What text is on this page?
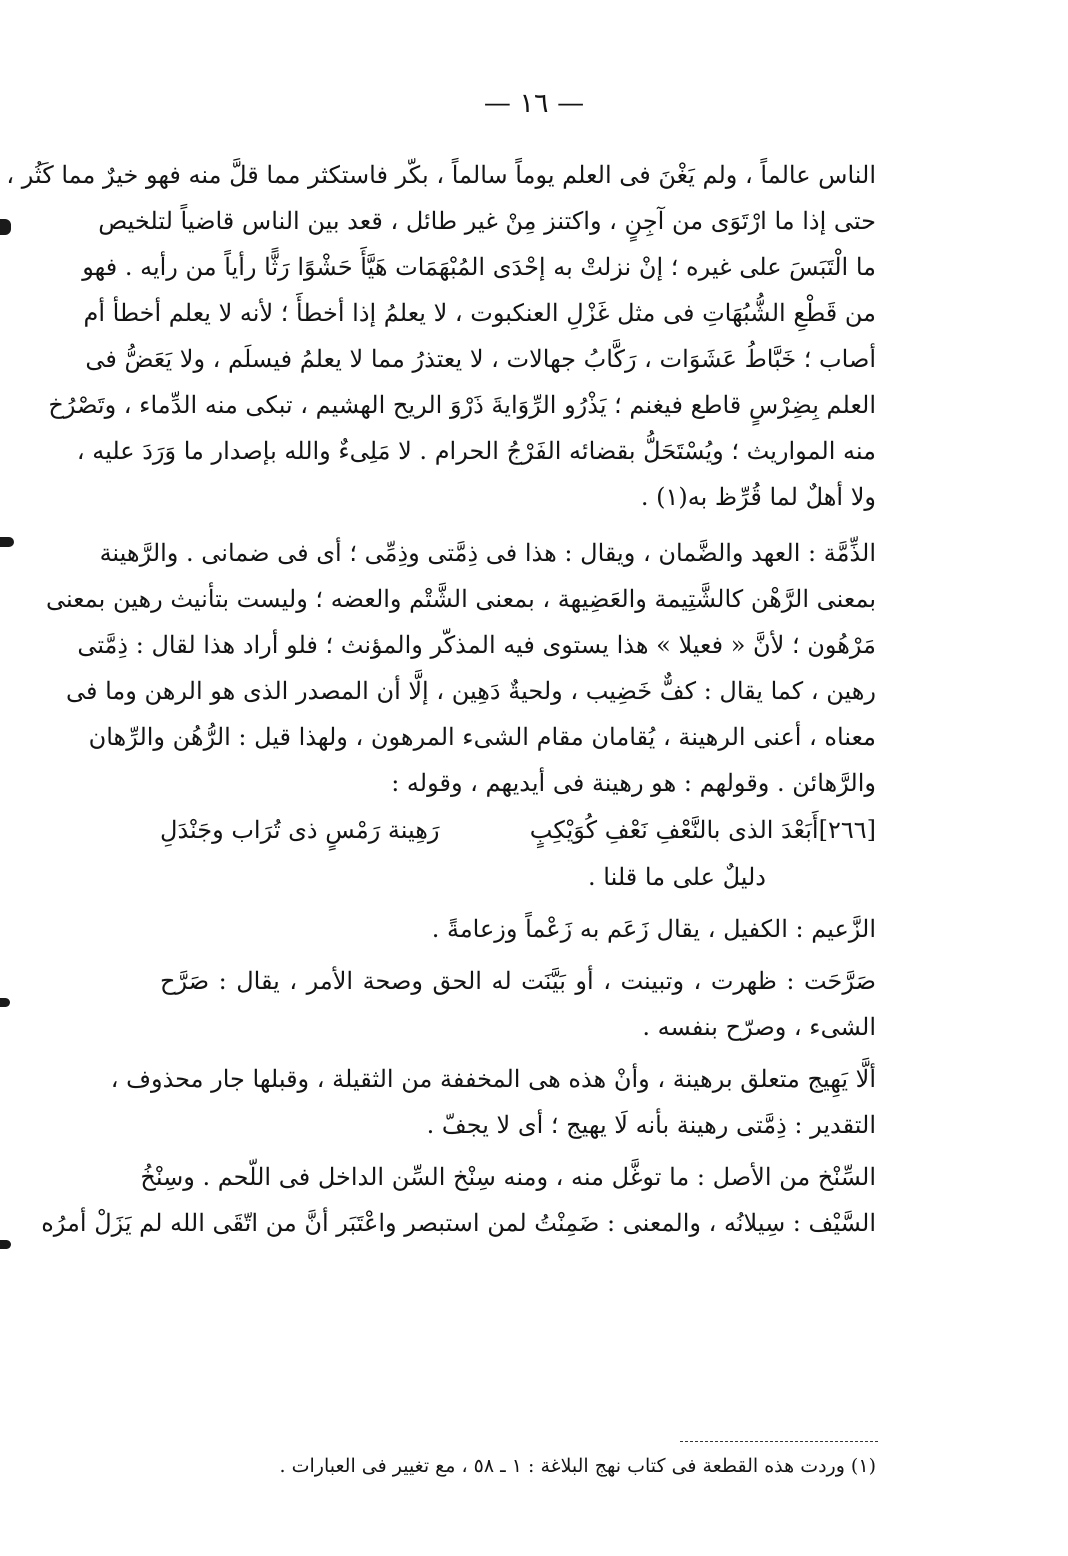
— ١٦ —
الناس عالماً ، ولم يَغْنَ فى العلم يوماً سالماً ، بكّر فاستكثر مما قلَّ منه فهو خيرٌ مما كَثُر ،
حتى إذا ما ارْتَوَى من آجِنٍ ، واكتنز مِنْ غير طائل ، قعد بين الناس قاضياً لتلخيص
ما الْتَبَسَ على غيره ؛ إنْ نزلتْ به إحْدَى المُبْهَمَات هَيَّأَ حَشْوًا رَثًّا رأياً من رأيه . فهو
من قَطْعِ الشُّبُهَاتِ فى مثل غَزْلِ العنكبوت ، لا يعلمُ إذا أخطأَ ؛ لأنه لا يعلم أخطأ أم
أصاب ؛ خَبَّاطُ عَشَوَات ، رَكَّابُ جهالات ، لا يعتذرُ مما لا يعلمُ فيسلَم ، ولا يَعَضُّ فى
العلم بِضِرْسٍ قاطع فيغنم ؛ يَذْرُو الرِّوَايةَ ذَرْوَ الريح الهشيم ، تبكى منه الدِّماء ، وتَصْرُخ
منه المواريث ؛ ويُسْتَحَلُّ بقضائه الفَرْجُ الحرام . لا مَلِىءٌ والله بإصدار ما وَرَدَ عليه ،
ولا أهلٌ لما قُرِّظ به(١) .
الذِّمَّة : العهد والضَّمان ، ويقال : هذا فى ذِمَّتى وذِمِّى ؛ أى فى ضمانى . والرَّهينة
بمعنى الرَّهْن كالشَّتِيمة والعَضِيهة ، بمعنى الشَّتْم والعضه ؛ وليست بتأنيث رهين بمعنى
مَرْهُون ؛ لأنَّ « فعيلا » هذا يستوى فيه المذكّر والمؤنث ؛ فلو أراد هذا لقال : ذِمَّتى
رهين ، كما يقال : كفٌّ خَضِيب ، ولحيةٌ دَهِين ، إلَّا أن المصدر الذى هو الرهن وما فى
معناه ، أعنى الرهينة ، يُقامان مقام الشىء المرهون ، ولهذا قيل : الرُّهُن والرِّهان
والرَّهائن . وقولهم : هو رهينة فى أيديهم ، وقوله :
[٢٦٦]أَبَعْدَ الذى بالنَّعْفِ نَعْفِ كُوَيْكِبٍ
رَهِينة رَمْسٍ ذى تُرَاب وجَنْدَلِ
دليلٌ على ما قلنا .
الزَّعيم : الكفيل ، يقال زَعَم به زَعْماً وزعامةً .
صَرَّحَت : ظهرت ، وتبينت ، أو بَيَّنَت له الحق وصحة الأمر ، يقال : صَرَّح
الشىء ، وصرّح بنفسه .
ألَّا يَهِيج متعلق برهينة ، وأنْ هذه هى المخففة من الثقيلة ، وقبلها جار محذوف ،
التقدير : ذِمَّتى رهينة بأنه لَا يهيج ؛ أى لا يجفّ .
السِّنْخ من الأصل : ما توغَّل منه ، ومنه سِنْخ السِّن الداخل فى اللّحم . وسِنْخُ
السَّيْف : سِيلانُه ، والمعنى : ضَمِنْتُ لمن استبصر واعْتَبَر أنَّ من اتّقَى الله لم يَزَلْ أمرُه
(١) وردت هذه القطعة فى كتاب نهج البلاغة : ١ ـ ٥٨ ، مع تغيير فى العبارات .
